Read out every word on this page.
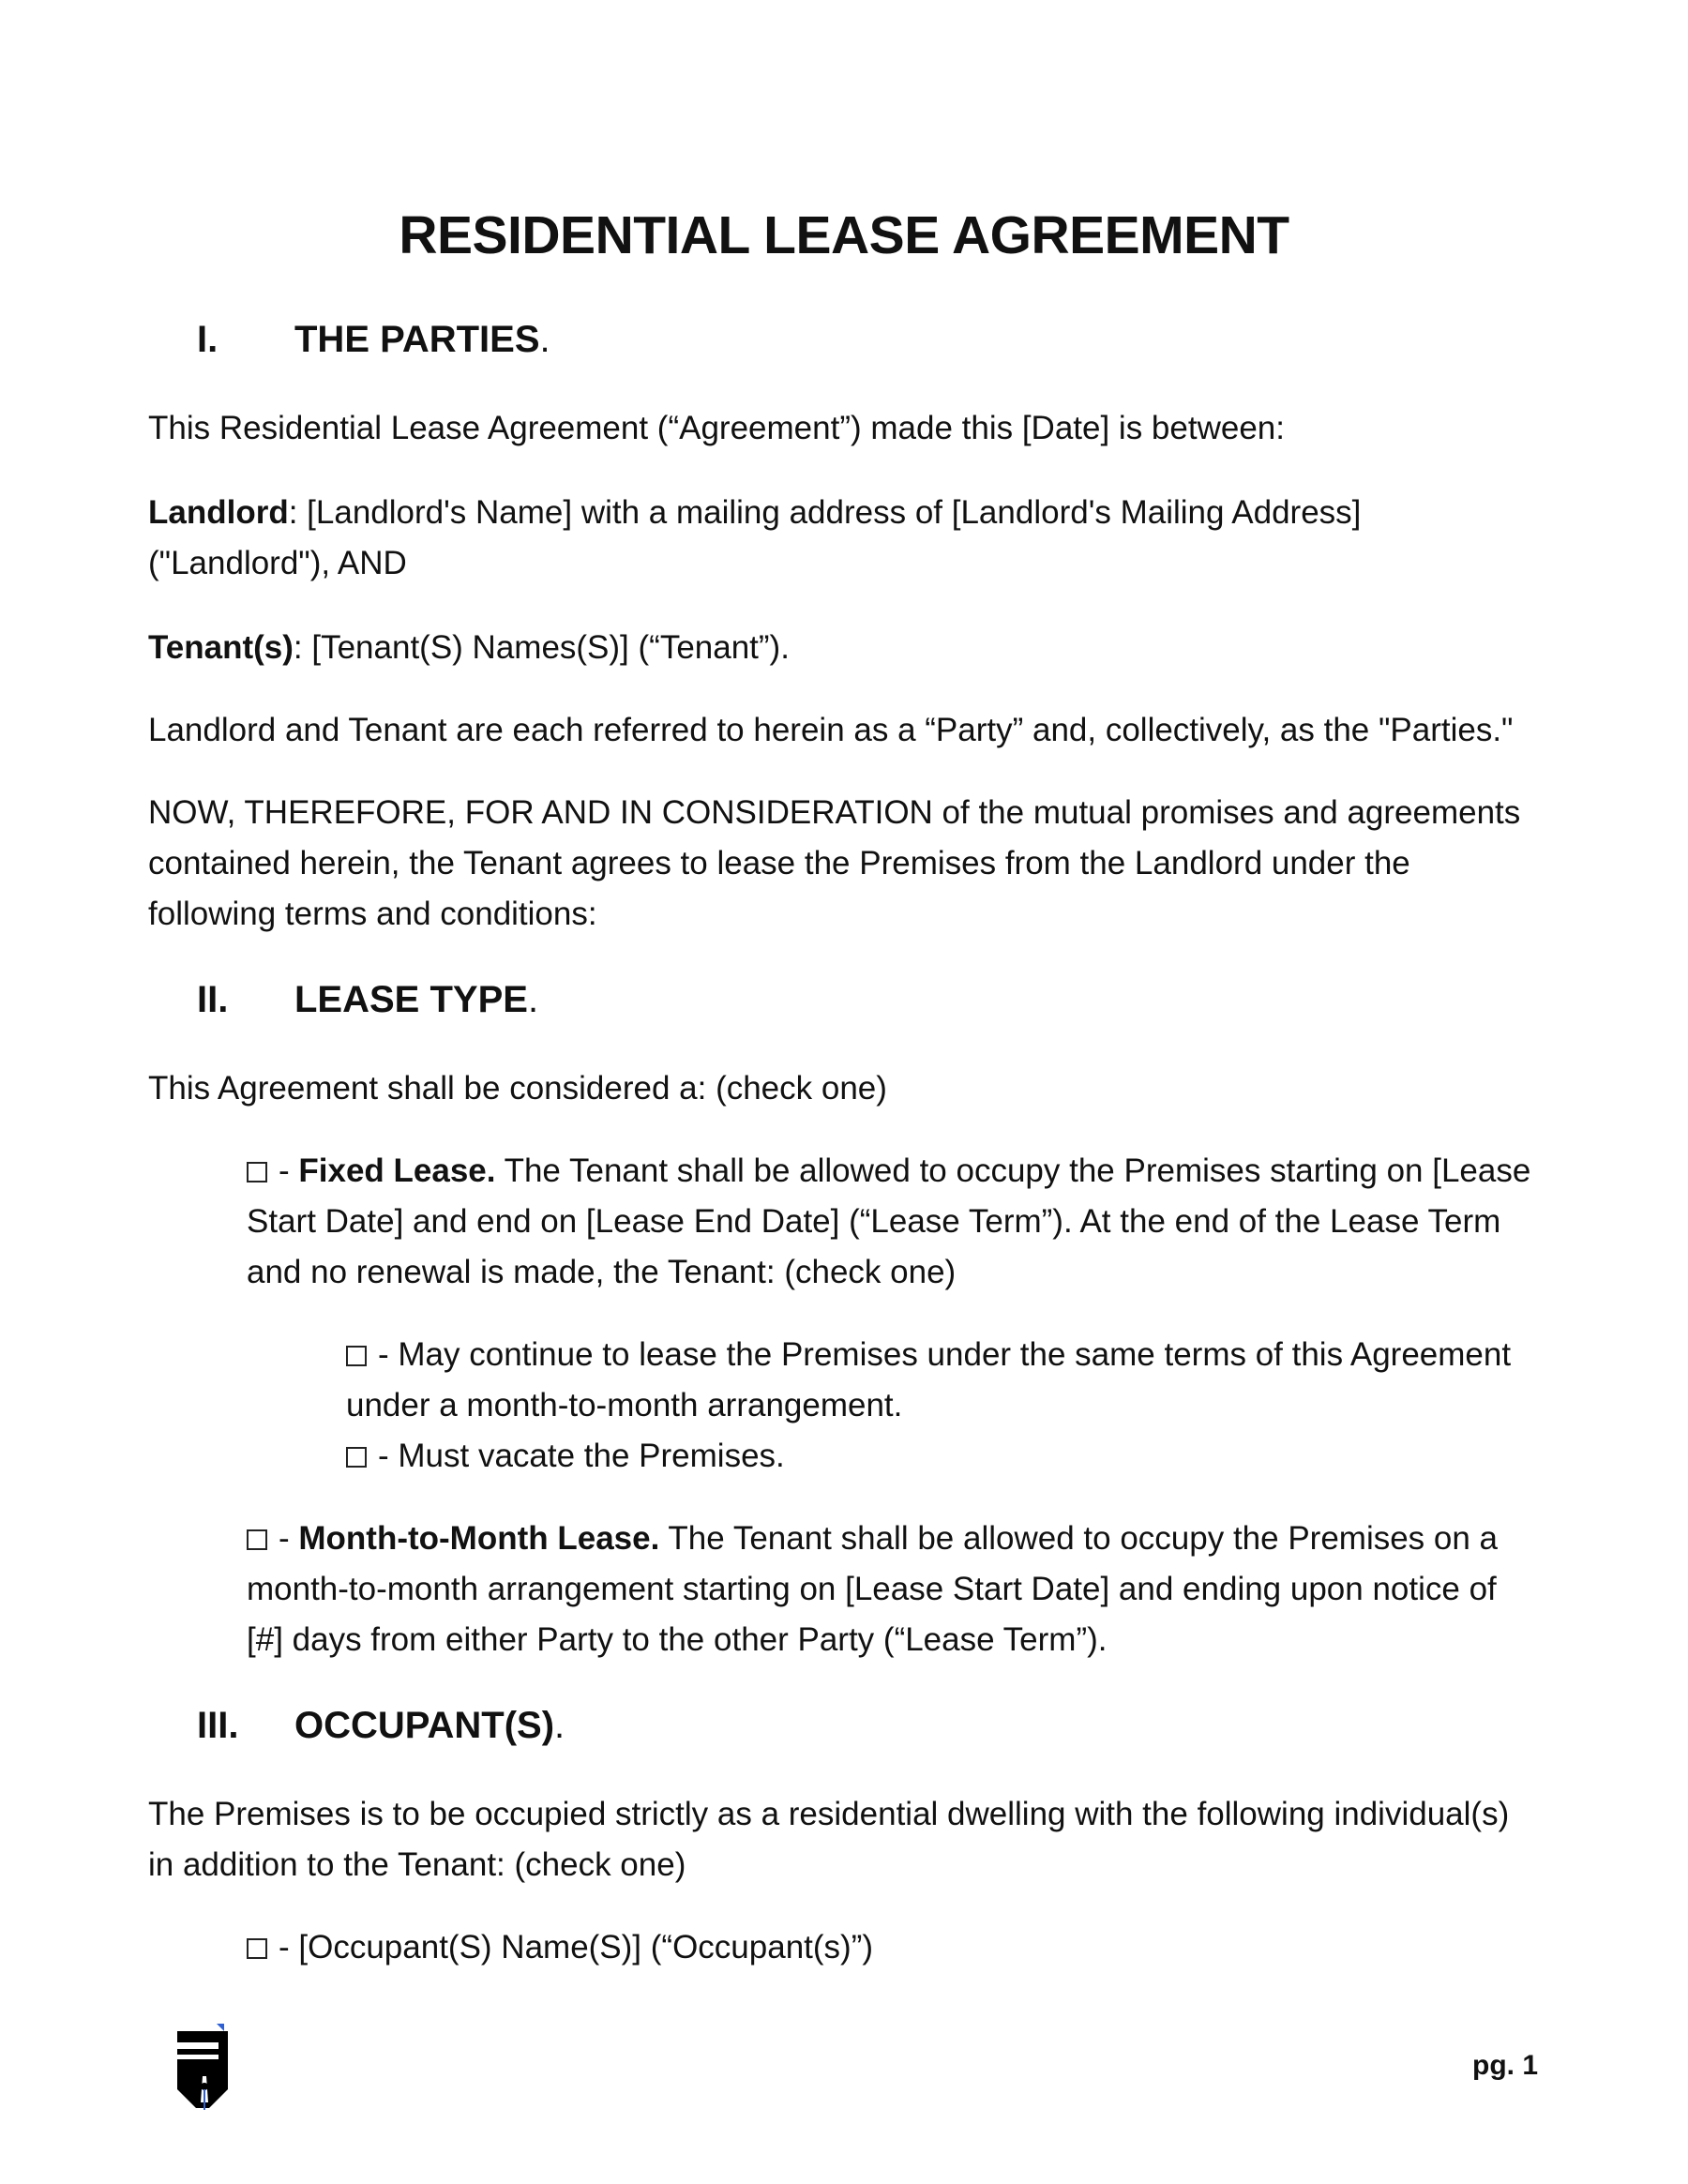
RESIDENTIAL LEASE AGREEMENT
I. THE PARTIES.

This Residential Lease Agreement (“Agreement”) made this [Date] is between:

Landlord: [Landlord's Name] with a mailing address of [Landlord's Mailing Address]
("Landlord"), AND

Tenant(s): [Tenant(S) Names(S)] (“Tenant”).

Landlord and Tenant are each referred to herein as a “Party” and, collectively, as the "Parties."

NOW, THEREFORE, FOR AND IN CONSIDERATION of the mutual promises and agreements
contained herein, the Tenant agrees to lease the Premises from the Landlord under the
following terms and conditions:

II. LEASE TYPE.

This Agreement shall be considered a: (check one)

- Fixed Lease. The Tenant shall be allowed to occupy the Premises starting on [Lease
Start Date] and end on [Lease End Date] (“Lease Term”). At the end of the Lease Term
and no renewal is made, the Tenant: (check one)

- May continue to lease the Premises under the same terms of this Agreement
under a month-to-month arrangement.

- Must vacate the Premises.

- Month-to-Month Lease. The Tenant shall be allowed to occupy the Premises on a
month-to-month arrangement starting on [Lease Start Date] and ending upon notice of
[#] days from either Party to the other Party (“Lease Term”).

III. OCCUPANT(S).

The Premises is to be occupied strictly as a residential dwelling with the following individual(s)
in addition to the Tenant: (check one)

- [Occupant(S) Name(S)] (“Occupant(s)”)

pg. 1
